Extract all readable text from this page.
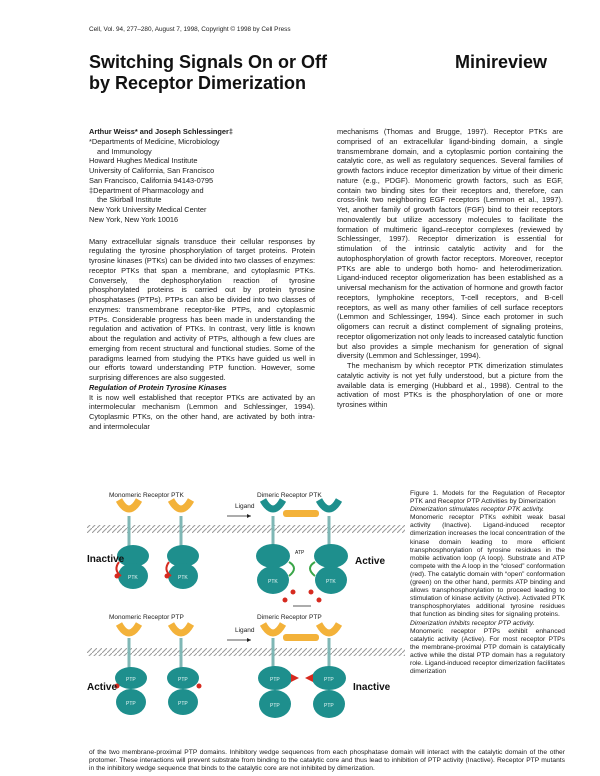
Cell, Vol. 94, 277–280, August 7, 1998, Copyright © 1998 by Cell Press
Switching Signals On or Off
by Receptor Dimerization
Minireview
Arthur Weiss* and Joseph Schlessinger‡
*Departments of Medicine, Microbiology
and Immunology
Howard Hughes Medical Institute
University of California, San Francisco
San Francisco, California 94143-0795
‡Department of Pharmacology and
the Skirball Institute
New York University Medical Center
New York, New York 10016

Many extracellular signals transduce their cellular responses by regulating the tyrosine phosphorylation of target proteins. Protein tyrosine kinases (PTKs) can be divided into two classes of enzymes: receptor PTKs that span a membrane, and cytoplasmic PTKs. Conversely, the dephosphorylation reaction of tyrosine phosphorylated proteins is carried out by protein tyrosine phosphatases (PTPs). PTPs can also be divided into two classes of enzymes: transmembrane receptor-like PTPs, and cytoplasmic PTPs. Considerable progress has been made in understanding the regulation and activation of PTKs. In contrast, very little is known about the regulation and activity of PTPs, although a few clues are emerging from recent structural and functional studies. Some of the paradigms learned from studying the PTKs have guided us well in our efforts toward understanding PTP function. However, some surprising differences are also suggested.

Regulation of Protein Tyrosine Kinases

It is now well established that receptor PTKs are activated by an intermolecular mechanism (Lemmon and Schlessinger, 1994). Cytoplasmic PTKs, on the other hand, are activated by both intra- and intermolecular

mechanisms (Thomas and Brugge, 1997). Receptor PTKs are comprised of an extracellular ligand-binding domain, a single transmembrane domain, and a cytoplasmic portion containing the catalytic core, as well as regulatory sequences. Several families of growth factors induce receptor dimerization by virtue of their dimeric nature (e.g., PDGF). Monomeric growth factors, such as EGF, contain two binding sites for their receptors and, therefore, can cross-link two neighboring EGF receptors (Lemmon et al., 1997). Yet, another family of growth factors (FGF) bind to their receptors monovalently but utilize accessory molecules to facilitate the formation of multimeric ligand–receptor complexes (reviewed by Schlessinger, 1997). Receptor dimerization is essential for stimulation of the intrinsic catalytic activity and for the autophosphorylation of growth factor receptors. Moreover, receptor PTKs are able to undergo both homo- and heterodimerization. Ligand-induced receptor oligomerization has been established as a universal mechanism for the activation of hormone and growth factor receptors, lymphokine receptors, T-cell receptors, and B-cell receptors, as well as many other families of cell surface receptors (Lemmon and Schlessinger, 1994). Since each protomer in such oligomers can recruit a distinct complement of signaling proteins, receptor oligomerization not only leads to increased catalytic function but also provides a simple mechanism for generation of signal diversity (Lemmon and Schlessinger, 1994).

The mechanism by which receptor PTK dimerization stimulates catalytic activity is not yet fully understood, but a picture from the available data is emerging (Hubbard et al., 1998). Central to the activation of most PTKs is the phosphorylation of one or more tyrosines within

Monomeric Receptor PTK	Dimeric Receptor PTK
Ligand
PTK	PTK
Inactive
PTK	PTK
ATP
Active
Monomeric Receptor PTP	Dimeric Receptor PTP
Ligand
PTP
PTP
PTP
PTP
Active
PTP	PTP
PTP	PTP
Inactive

Figure 1. Models for the Regulation of Receptor PTK and Receptor PTP Activities by Dimerization

Dimerization stimulates receptor PTK activity.

Monomeric receptor PTKs exhibit weak basal activity (Inactive). Ligand-induced receptor dimerization increases the local concentration of the kinase domain leading to more efficient transphosphorylation of tyrosine residues in the mobile activation loop (A loop). Substrate and ATP compete with the A loop in the “closed” conformation (red). The catalytic domain with “open” conformation (green) on the other hand, permits ATP binding and allows transphosphorylation to proceed leading to stimulation of kinase activity (Active). Activated PTK transphosphorylates additional tyrosine residues that function as binding sites for signaling proteins.

Dimerization inhibits receptor PTP activity.

Monomeric receptor PTPs exhibit enhanced catalytic activity (Active). For most receptor PTPs the membrane-proximal PTP domain is catalytically active while the distal PTP domain has a regulatory role. Ligand-induced receptor dimerization facilitates dimerization

of the two membrane-proximal PTP domains. Inhibitory wedge sequences from each phosphatase domain will interact with the catalytic domain of the other protomer. These interactions will prevent substrate from binding to the catalytic core and thus lead to inhibition of PTP activity (Inactive). Receptor PTP mutants in the inhibitory wedge sequence that binds to the catalytic core are not inhibited by dimerization.
